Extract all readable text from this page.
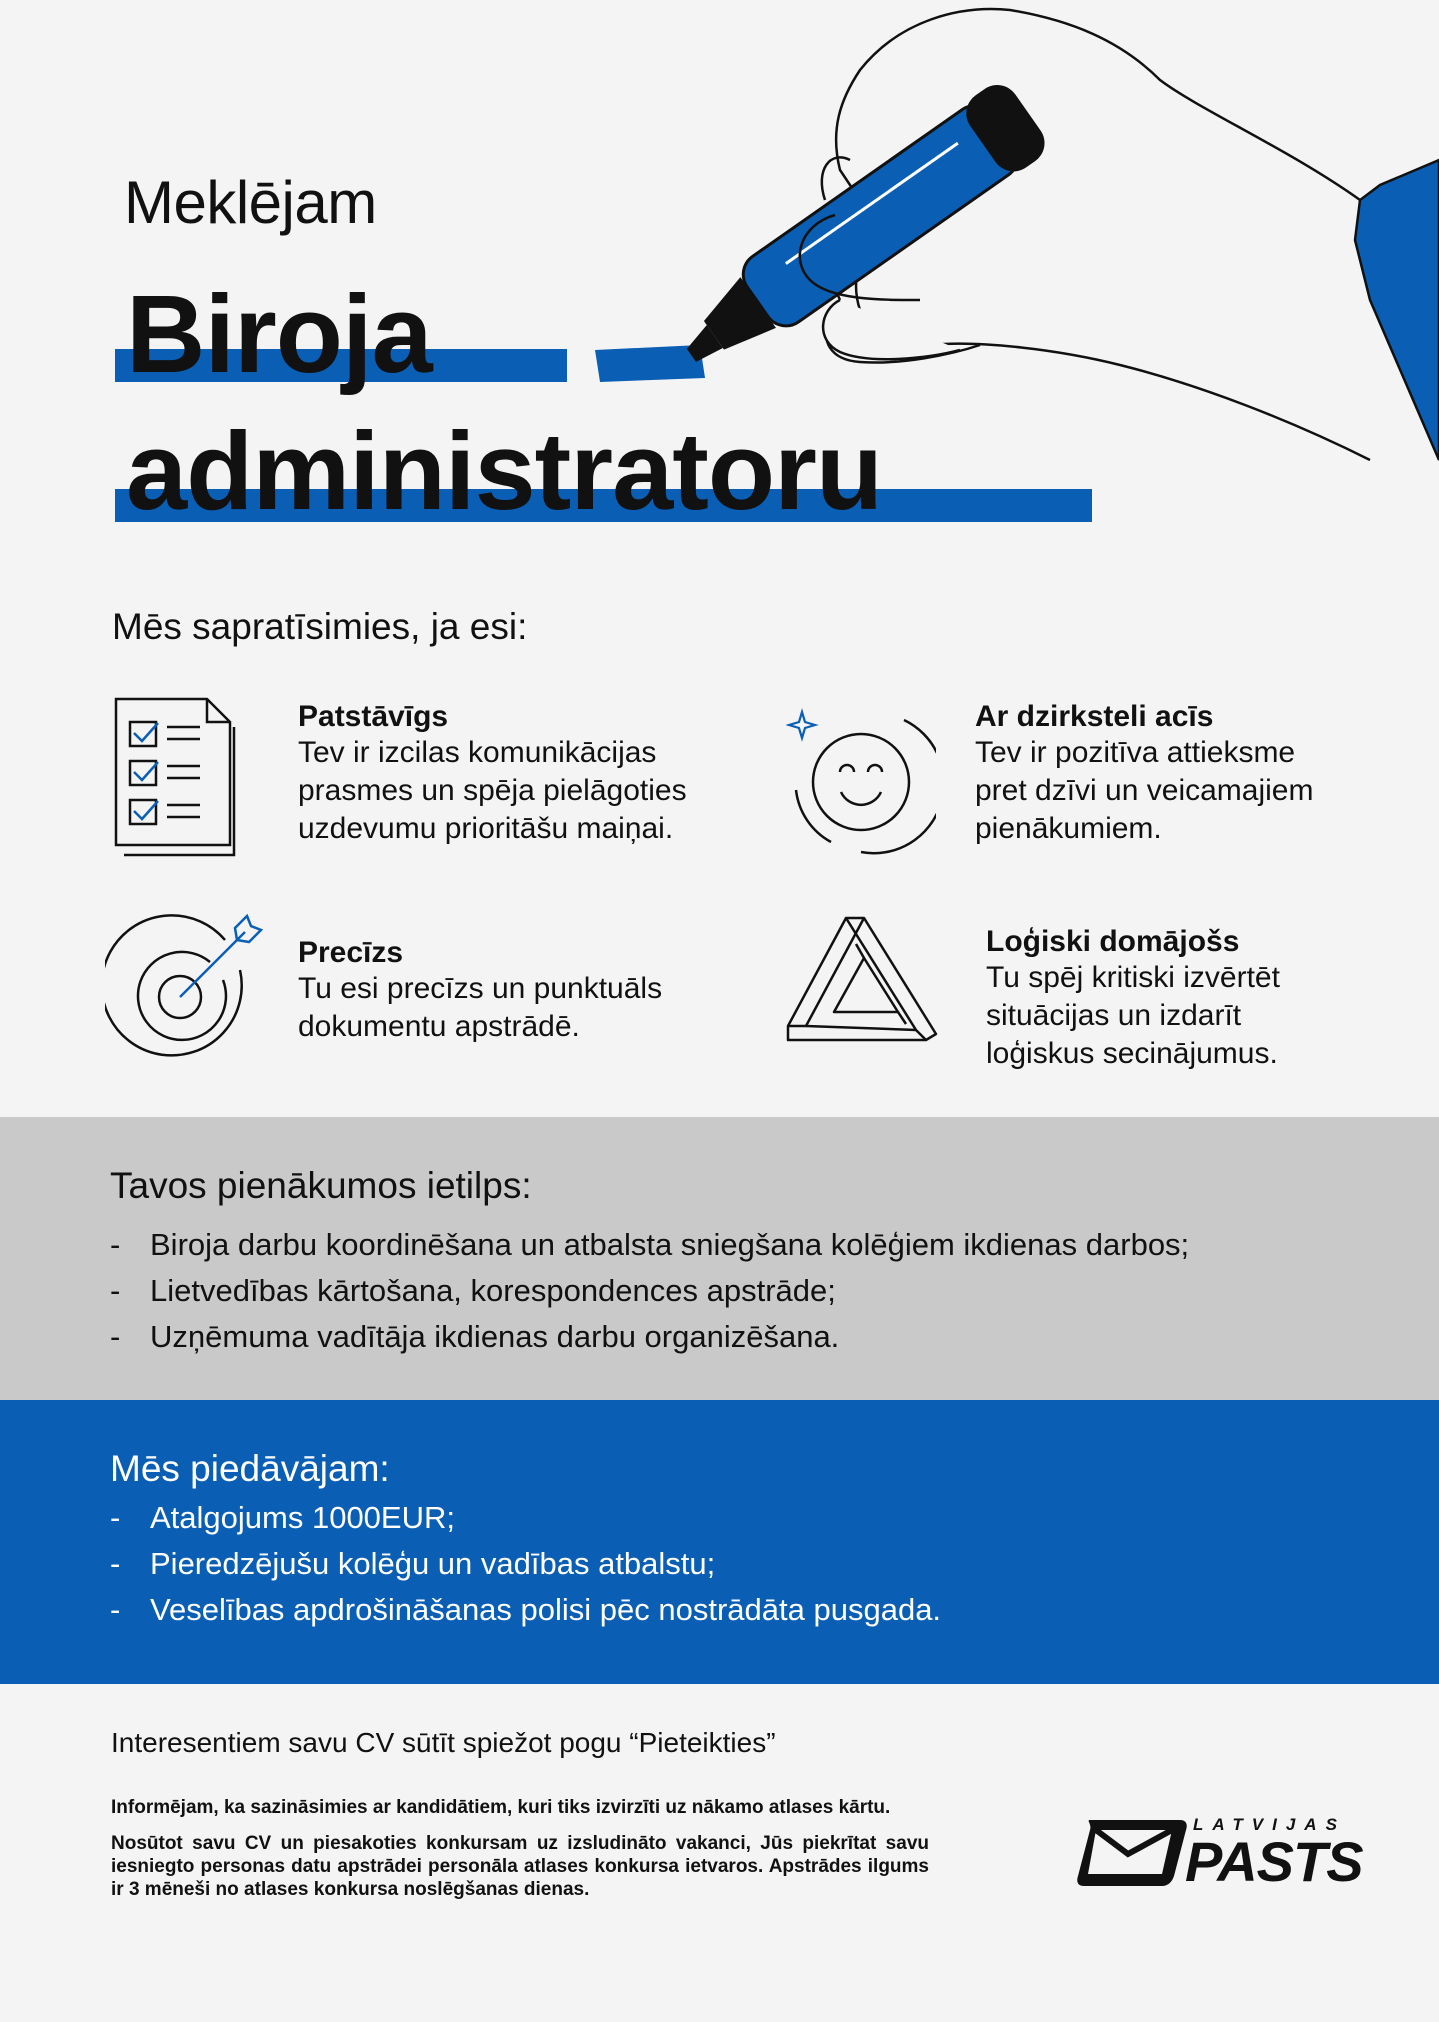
Meklējam
Biroja
administratoru
Mēs sapratīsimies, ja esi:
Patstāvīgs
Tev ir izcilas komunikācijas
prasmes un spēja pielāgoties
uzdevumu prioritāšu maiņai.
Ar dzirksteli acīs
Tev ir pozitīva attieksme
pret dzīvi un veicamajiem
pienākumiem.
Precīzs
Tu esi precīzs un punktuāls
dokumentu apstrādē.
Loģiski domājošs
Tu spēj kritiski izvērtēt
situācijas un izdarīt
loģiskus secinājumus.
Tavos pienākumos ietilps:
- Biroja darbu koordinēšana un atbalsta sniegšana kolēģiem ikdienas darbos;
- Lietvedības kārtošana, korespondences apstrāde;
- Uzņēmuma vadītāja ikdienas darbu organizēšana.
Mēs piedāvājam:
- Atalgojums 1000EUR;
- Pieredzējušu kolēģu un vadības atbalstu;
- Veselības apdrošināšanas polisi pēc nostrādāta pusgada.
Interesentiem savu CV sūtīt spiežot pogu “Pieteikties”
Informējam, ka sazināsimies ar kandidātiem, kuri tiks izvirzīti uz nākamo atlases kārtu.
Nosūtot savu CV un piesakoties konkursam uz izsludināto vakanci, Jūs piekrītat savu iesniegto personas datu apstrādei personāla atlases konkursa ietvaros. Apstrādes ilgums ir 3 mēneši no atlases konkursa noslēgšanas dienas.
LATVIJAS
PASTS
